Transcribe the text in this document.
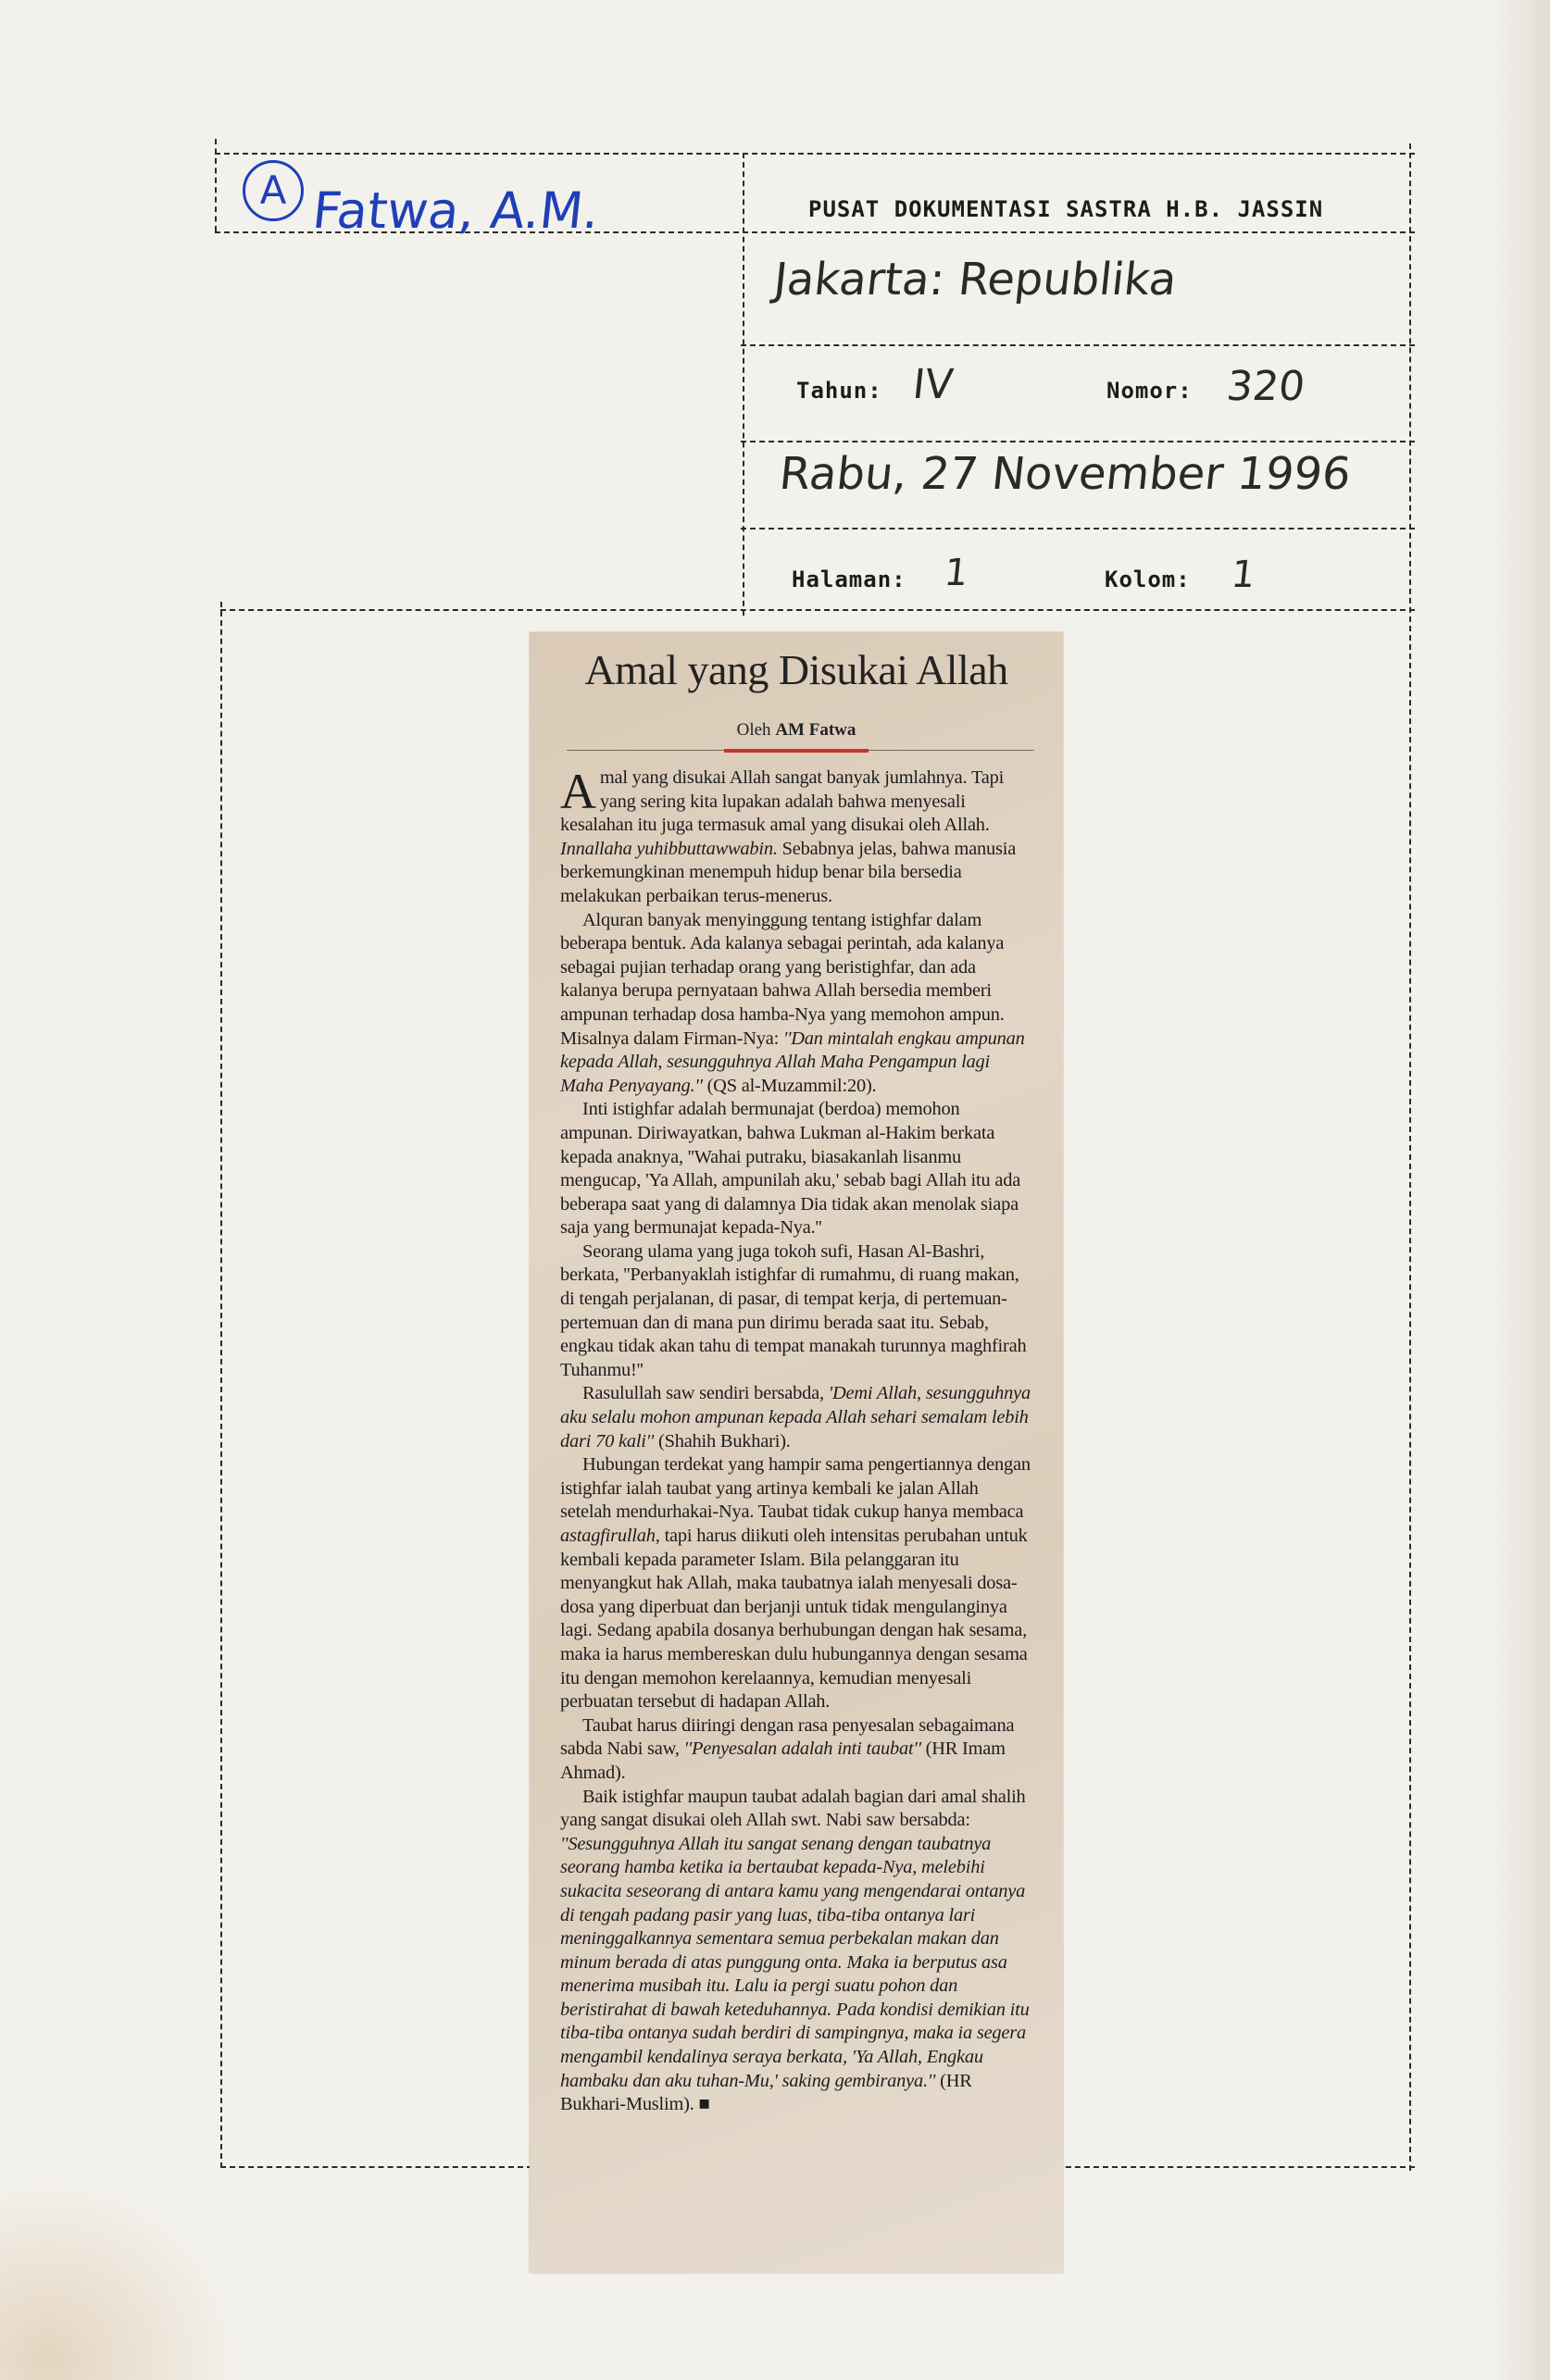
A Fatwa, A.M.	PUSAT DOKUMENTASI SASTRA H.B. JASSIN
Jakarta: Republika
Tahun: IV	Nomor: 320
Rabu, 27 November 1996
Halaman: 1	Kolom: 1
Amal yang Disukai Allah
Oleh AM Fatwa

Amal yang disukai Allah sangat banyak jumlahnya. Tapi yang sering kita lupakan adalah bahwa menyesali kesalahan itu juga termasuk amal yang disukai oleh Allah. Innallaha yuhibbuttawwabin. Sebabnya jelas, bahwa manusia berkemungkinan menempuh hidup benar bila bersedia melakukan perbaikan terus-menerus.

Alquran banyak menyinggung tentang istighfar dalam beberapa bentuk. Ada kalanya sebagai perintah, ada kalanya sebagai pujian terhadap orang yang beristighfar, dan ada kalanya berupa pernyataan bahwa Allah bersedia memberi ampunan terhadap dosa hamba-Nya yang memohon ampun. Misalnya dalam Firman-Nya: ''Dan mintalah engkau ampunan kepada Allah, sesungguhnya Allah Maha Pengampun lagi Maha Penyayang.'' (QS al-Muzammil:20).

Inti istighfar adalah bermunajat (berdoa) memohon ampunan. Diriwayatkan, bahwa Lukman al-Hakim berkata kepada anaknya, ''Wahai putraku, biasakanlah lisanmu mengucap, 'Ya Allah, ampunilah aku,' sebab bagi Allah itu ada beberapa saat yang di dalamnya Dia tidak akan menolak siapa saja yang bermunajat kepada-Nya.''

Seorang ulama yang juga tokoh sufi, Hasan Al-Bashri, berkata, ''Perbanyaklah istighfar di rumahmu, di ruang makan, di tengah perjalanan, di pasar, di tempat kerja, di pertemuan-pertemuan dan di mana pun dirimu berada saat itu. Sebab, engkau tidak akan tahu di tempat manakah turunnya maghfirah Tuhanmu!''

Rasulullah saw sendiri bersabda, 'Demi Allah, sesungguhnya aku selalu mohon ampunan kepada Allah sehari semalam lebih dari 70 kali'' (Shahih Bukhari).

Hubungan terdekat yang hampir sama pengertiannya dengan istighfar ialah taubat yang artinya kembali ke jalan Allah setelah mendurhakai-Nya. Taubat tidak cukup hanya membaca astagfirullah, tapi harus diikuti oleh intensitas perubahan untuk kembali kepada parameter Islam. Bila pelanggaran itu menyangkut hak Allah, maka taubatnya ialah menyesali dosa-dosa yang diperbuat dan berjanji untuk tidak mengulanginya lagi. Sedang apabila dosanya berhubungan dengan hak sesama, maka ia harus membereskan dulu hubungannya dengan sesama itu dengan memohon kerelaannya, kemudian menyesali perbuatan tersebut di hadapan Allah.

Taubat harus diiringi dengan rasa penyesalan sebagaimana sabda Nabi saw, ''Penyesalan adalah inti taubat'' (HR Imam Ahmad).

Baik istighfar maupun taubat adalah bagian dari amal shalih yang sangat disukai oleh Allah swt. Nabi saw bersabda: ''Sesungguhnya Allah itu sangat senang dengan taubatnya seorang hamba ketika ia bertaubat kepada-Nya, melebihi sukacita seseorang di antara kamu yang mengendarai ontanya di tengah padang pasir yang luas, tiba-tiba ontanya lari meninggalkannya sementara semua perbekalan makan dan minum berada di atas punggung onta. Maka ia berputus asa menerima musibah itu. Lalu ia pergi suatu pohon dan beristirahat di bawah keteduhannya. Pada kondisi demikian itu tiba-tiba ontanya sudah berdiri di sampingnya, maka ia segera mengambil kendalinya seraya berkata, 'Ya Allah, Engkau hambaku dan aku tuhan-Mu,' saking gembiranya.'' (HR Bukhari-Muslim). ■
